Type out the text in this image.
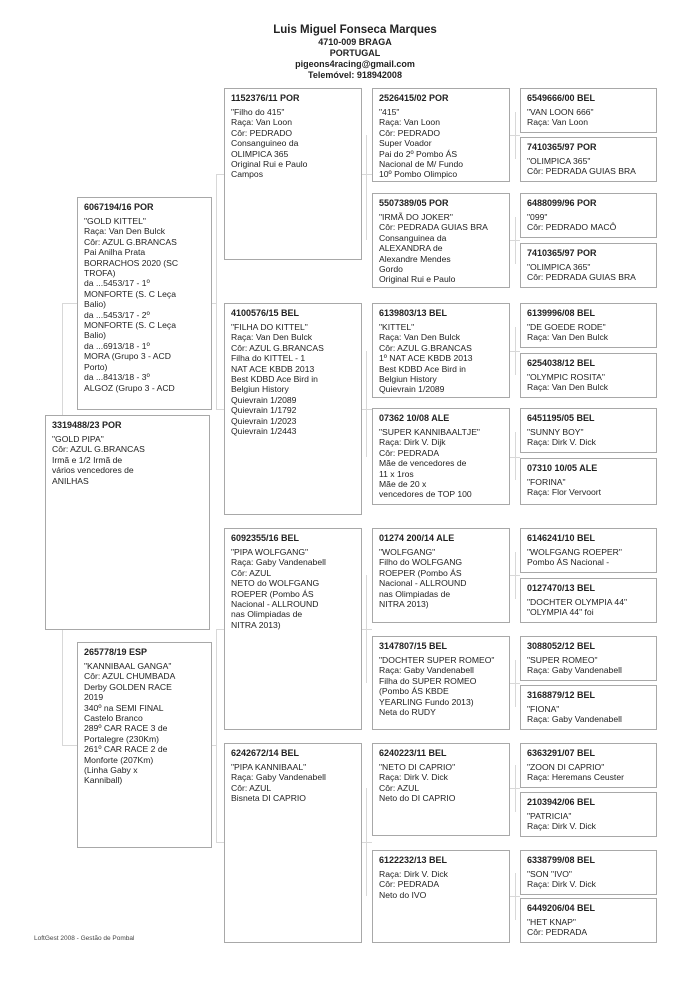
Luis Miguel Fonseca Marques
4710-009 BRAGA
PORTUGAL
pigeons4racing@gmail.com
Telemóvel: 918942008
3319488/23 POR
"GOLD PIPA"
Côr: AZUL G.BRANCAS
Irmã e 1/2 Irmã de
vários vencedores de
ANILHAS
6067194/16 POR
"GOLD KITTEL"
Raça: Van Den Bulck
Côr: AZUL G.BRANCAS
Pai Anilha Prata
BORRACHOS 2020 (SC
TROFA)
da ...5453/17 - 1º
MONFORTE (S. C Leça
Balio)
da ...5453/17 - 2º
MONFORTE (S. C Leça
Balio)
da ...6913/18 - 1º
MORA (Grupo 3 - ACD
Porto)
da ...8413/18 - 3º
ALGOZ (Grupo 3 - ACD
265778/19 ESP
"KANNIBAAL GANGA"
Côr: AZUL CHUMBADA
Derby GOLDEN RACE
2019
340º na SEMI FINAL
Castelo Branco
289º CAR RACE 3 de
Portalegre (230Km)
261º CAR RACE 2 de
Monforte (207Km)
(Linha Gaby x
Kanniball)
1152376/11 POR
"Filho do 415"
Raça: Van Loon
Côr: PEDRADO
Consanguineo da
OLIMPICA 365
Original Rui e Paulo
Campos
4100576/15 BEL
"FILHA DO KITTEL"
Raça: Van Den Bulck
Côr: AZUL G.BRANCAS
Filha do KITTEL - 1
NAT ACE KBDB 2013
Best KDBD Ace Bird in
Belgiun History
Quievrain 1/2089
Quievrain 1/1792
Quievrain 1/2023
Quievrain 1/2443
6092355/16 BEL
"PIPA WOLFGANG"
Raça: Gaby Vandenabell
Côr: AZUL
NETO do WOLFGANG
ROEPER (Pombo ÁS
Nacional - ALLROUND
nas Olimpiadas de
NITRA 2013)
6242672/14 BEL
"PIPA KANNIBAAL"
Raça: Gaby Vandenabell
Côr: AZUL
Bisneta DI CAPRIO
2526415/02 POR
"415"
Raça: Van Loon
Côr: PEDRADO
Super Voador
Pai do 2º Pombo ÁS
Nacional de M/ Fundo
10º Pombo Olimpico
5507389/05 POR
"IRMÃ DO JOKER"
Côr: PEDRADA GUIAS BRA
Consanguinea da
ALEXANDRA de
Alexandre Mendes
Gordo
Original Rui e Paulo
6139803/13 BEL
"KITTEL"
Raça: Van Den Bulck
Côr: AZUL G.BRANCAS
1º NAT ACE KBDB 2013
Best KDBD Ace Bird in
Belgiun History
Quievrain 1/2089
07362 10/08 ALE
"SUPER KANNIBAALTJE"
Raça: Dirk V. Dijk
Côr: PEDRADA
Mãe de vencedores de
11 x 1ros
Mãe de 20 x
vencedores de TOP 100
01274 200/14 ALE
"WOLFGANG"
Filho do WOLFGANG
ROEPER (Pombo ÁS
Nacional - ALLROUND
nas Olimpiadas de
NITRA 2013)
3147807/15 BEL
"DOCHTER SUPER ROMEO"
Raça: Gaby Vandenabell
Filha do SUPER ROMEO
(Pombo ÁS KBDE
YEARLING Fundo 2013)
Neta do RUDY
6240223/11 BEL
"NETO DI CAPRIO"
Raça: Dirk V. Dick
Côr: AZUL
Neto do DI CAPRIO
6122232/13 BEL
Raça: Dirk V. Dick
Côr: PEDRADA
Neto do IVO
6549666/00 BEL
"VAN LOON 666"
Raça: Van Loon
7410365/97 POR
"OLIMPICA 365"
Côr: PEDRADA GUIAS BRA
6488099/96 POR
"099"
Côr: PEDRADO MACÔ
7410365/97 POR
"OLIMPICA 365"
Côr: PEDRADA GUIAS BRA
6139996/08 BEL
"DE GOEDE RODE"
Raça: Van Den Bulck
6254038/12 BEL
"OLYMPIC ROSITA"
Raça: Van Den Bulck
6451195/05 BEL
"SUNNY BOY"
Raça: Dirk V. Dick
07310 10/05 ALE
"FORINA"
Raça: Flor Vervoort
6146241/10 BEL
"WOLFGANG ROEPER"
Pombo ÁS Nacional -
0127470/13 BEL
"DOCHTER OLYMPIA 44"
"OLYMPIA 44" foi
3088052/12 BEL
"SUPER ROMEO"
Raça: Gaby Vandenabell
3168879/12 BEL
"FIONA"
Raça: Gaby Vandenabell
6363291/07 BEL
"ZOON DI CAPRIO"
Raça: Heremans Ceuster
2103942/06 BEL
"PATRICIA"
Raça: Dirk V. Dick
6338799/08 BEL
"SON "IVO"
Raça: Dirk V. Dick
6449206/04 BEL
"HET KNAP"
Côr: PEDRADA
LoftGest 2008 - Gestão de Pombal
